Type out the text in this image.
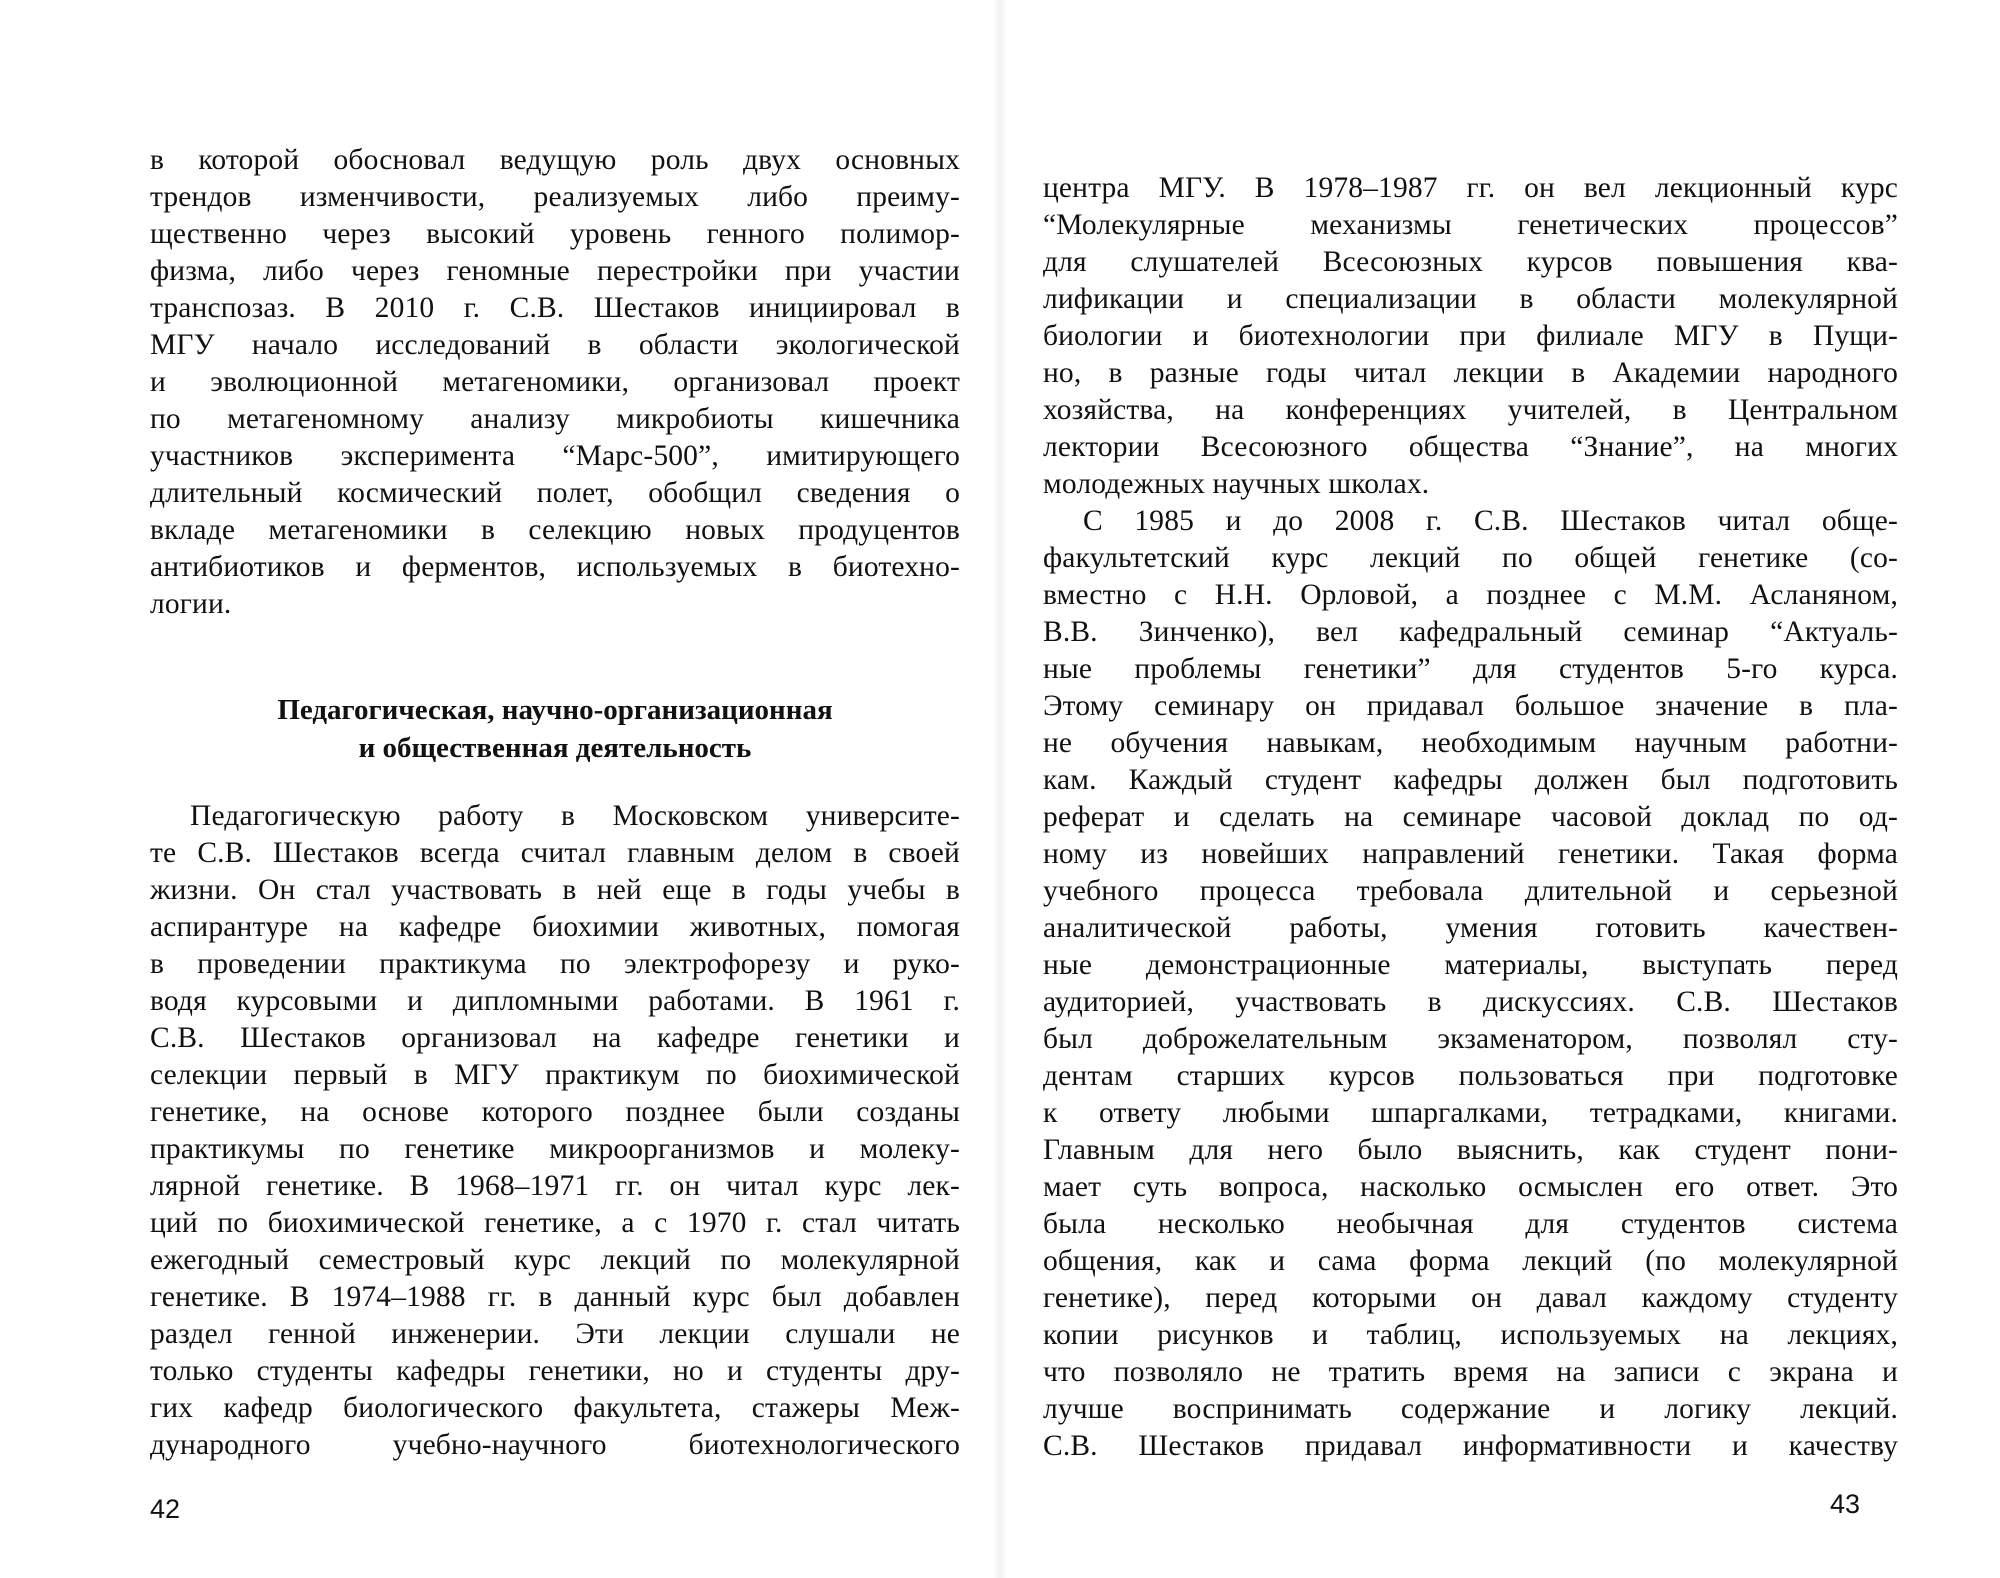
в которой обосновал ведущую роль двух основных
трендов изменчивости, реализуемых либо преиму-
щественно через высокий уровень генного полимор-
физма, либо через геномные перестройки при участии
транспозаз. В 2010 г. С.В. Шестаков инициировал в
МГУ начало исследований в области экологической
и эволюционной метагеномики, организовал проект
по метагеномному анализу микробиоты кишечника
участников эксперимента “Марс-500”, имитирующего
длительный космический полет, обобщил сведения о
вкладе метагеномики в селекцию новых продуцентов
антибиотиков и ферментов, используемых в биотехно-
логии.
Педагогическая, научно-организационная
и общественная деятельность
Педагогическую работу в Московском университе-
те С.В. Шестаков всегда считал главным делом в своей
жизни. Он стал участвовать в ней еще в годы учебы в
аспирантуре на кафедре биохимии животных, помогая
в проведении практикума по электрофорезу и руко-
водя курсовыми и дипломными работами. В 1961 г.
С.В. Шестаков организовал на кафедре генетики и
селекции первый в МГУ практикум по биохимической
генетике, на основе которого позднее были созданы
практикумы по генетике микроорганизмов и молеку-
лярной генетике. В 1968–1971 гг. он читал курс лек-
ций по биохимической генетике, а с 1970 г. стал читать
ежегодный семестровый курс лекций по молекулярной
генетике. В 1974–1988 гг. в данный курс был добавлен
раздел генной инженерии. Эти лекции слушали не
только студенты кафедры генетики, но и студенты дру-
гих кафедр биологического факультета, стажеры Меж-
дународного учебно-научного биотехнологического
42
центра МГУ. В 1978–1987 гг. он вел лекционный курс
“Молекулярные механизмы генетических процессов”
для слушателей Всесоюзных курсов повышения ква-
лификации и специализации в области молекулярной
биологии и биотехнологии при филиале МГУ в Пущи-
но, в разные годы читал лекции в Академии народного
хозяйства, на конференциях учителей, в Центральном
лектории Всесоюзного общества “Знание”, на многих
молодежных научных школах.
С 1985 и до 2008 г. С.В. Шестаков читал обще-
факультетский курс лекций по общей генетике (со-
вместно с Н.Н. Орловой, а позднее с М.М. Асланяном,
В.В. Зинченко), вел кафедральный семинар “Актуаль-
ные проблемы генетики” для студентов 5-го курса.
Этому семинару он придавал большое значение в пла-
не обучения навыкам, необходимым научным работни-
кам. Каждый студент кафедры должен был подготовить
реферат и сделать на семинаре часовой доклад по од-
ному из новейших направлений генетики. Такая форма
учебного процесса требовала длительной и серьезной
аналитической работы, умения готовить качествен-
ные демонстрационные материалы, выступать перед
аудиторией, участвовать в дискуссиях. С.В. Шестаков
был доброжелательным экзаменатором, позволял сту-
дентам старших курсов пользоваться при подготовке
к ответу любыми шпаргалками, тетрадками, книгами.
Главным для него было выяснить, как студент пони-
мает суть вопроса, насколько осмыслен его ответ. Это
была несколько необычная для студентов система
общения, как и сама форма лекций (по молекулярной
генетике), перед которыми он давал каждому студенту
копии рисунков и таблиц, используемых на лекциях,
что позволяло не тратить время на записи с экрана и
лучше воспринимать содержание и логику лекций.
С.В. Шестаков придавал информативности и качеству
43
